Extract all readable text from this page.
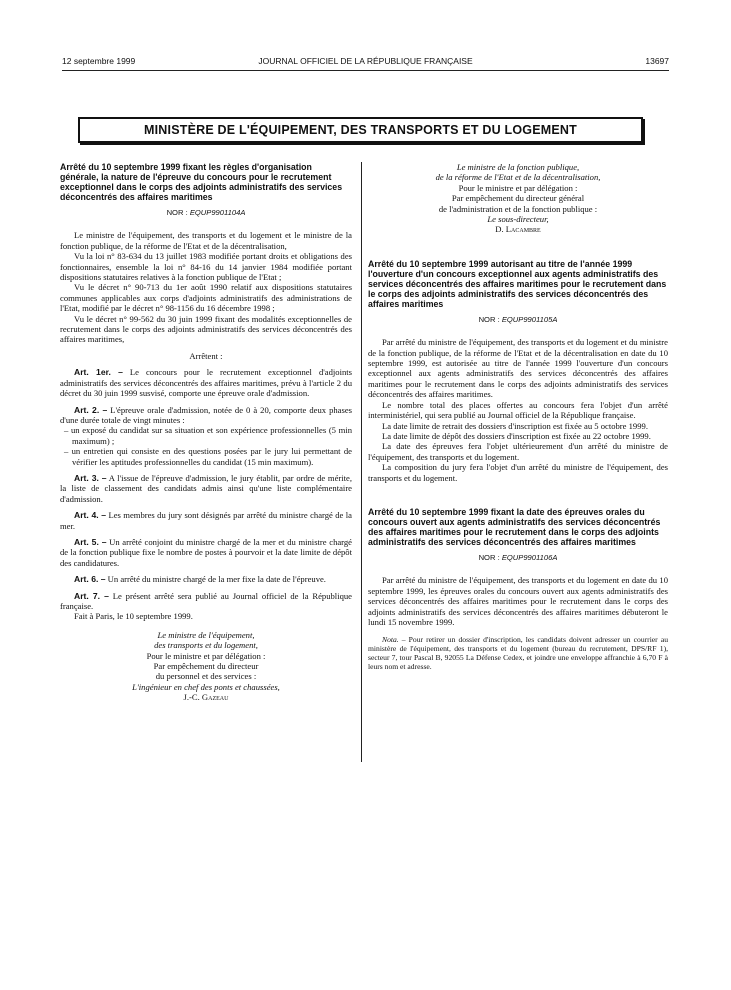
12 septembre 1999	JOURNAL OFFICIEL DE LA RÉPUBLIQUE FRANÇAISE	13697
MINISTÈRE DE L'ÉQUIPEMENT, DES TRANSPORTS ET DU LOGEMENT
Arrêté du 10 septembre 1999 fixant les règles d'organisation générale, la nature de l'épreuve du concours pour le recrutement exceptionnel dans le corps des adjoints administratifs des services déconcentrés des affaires maritimes
NOR : EQUP9901104A

Le ministre de l'équipement, des transports et du logement et le ministre de la fonction publique, de la réforme de l'Etat et de la décentralisation,

Vu la loi n° 83-634 du 13 juillet 1983 modifiée portant droits et obligations des fonctionnaires, ensemble la loi n° 84-16 du 14 janvier 1984 modifiée portant dispositions statutaires relatives à la fonction publique de l'Etat ;

Vu le décret n° 90-713 du 1er août 1990 relatif aux dispositions statutaires communes applicables aux corps d'adjoints administratifs des administrations de l'Etat, modifié par le décret n° 98-1156 du 16 décembre 1998 ;

Vu le décret n° 99-562 du 30 juin 1999 fixant des modalités exceptionnelles de recrutement dans le corps des adjoints administratifs des services déconcentrés des affaires maritimes,

Arrêtent :

Art. 1er. – Le concours pour le recrutement exceptionnel d'adjoints administratifs des services déconcentrés des affaires maritimes, prévu à l'article 2 du décret du 30 juin 1999 susvisé, comporte une épreuve orale d'admission.

Art. 2. – L'épreuve orale d'admission, notée de 0 à 20, comporte deux phases d'une durée totale de vingt minutes :

– un exposé du candidat sur sa situation et son expérience professionnelles (5 min maximum) ;
– un entretien qui consiste en des questions posées par le jury lui permettant de vérifier les aptitudes professionnelles du candidat (15 min maximum).

Art. 3. – A l'issue de l'épreuve d'admission, le jury établit, par ordre de mérite, la liste de classement des candidats admis ainsi qu'une liste complémentaire d'admission.

Art. 4. – Les membres du jury sont désignés par arrêté du ministre chargé de la mer.

Art. 5. – Un arrêté conjoint du ministre chargé de la mer et du ministre chargé de la fonction publique fixe le nombre de postes à pourvoir et la date limite de dépôt des candidatures.

Art. 6. – Un arrêté du ministre chargé de la mer fixe la date de l'épreuve.

Art. 7. – Le présent arrêté sera publié au Journal officiel de la République française.

Fait à Paris, le 10 septembre 1999.

Le ministre de l'équipement,
des transports et du logement,
Pour le ministre et par délégation :
Par empêchement du directeur
du personnel et des services :
L'ingénieur en chef des ponts et chaussées,
J.-C. Gazeau
Le ministre de la fonction publique,
de la réforme de l'Etat et de la décentralisation,
Pour le ministre et par délégation :
Par empêchement du directeur général
de l'administration et de la fonction publique :
Le sous-directeur,
D. Lacambre
Arrêté du 10 septembre 1999 autorisant au titre de l'année 1999 l'ouverture d'un concours exceptionnel aux agents administratifs des services déconcentrés des affaires maritimes pour le recrutement dans le corps des adjoints administratifs des services déconcentrés des affaires maritimes
NOR : EQUP9901105A

Par arrêté du ministre de l'équipement, des transports et du logement et du ministre de la fonction publique, de la réforme de l'Etat et de la décentralisation en date du 10 septembre 1999, est autorisée au titre de l'année 1999 l'ouverture d'un concours exceptionnel aux agents administratifs des services déconcentrés des affaires maritimes pour le recrutement dans le corps des adjoints administratifs des services déconcentrés des affaires maritimes.

Le nombre total des places offertes au concours fera l'objet d'un arrêté interministériel, qui sera publié au Journal officiel de la République française.

La date limite de retrait des dossiers d'inscription est fixée au 5 octobre 1999.

La date limite de dépôt des dossiers d'inscription est fixée au 22 octobre 1999.

La date des épreuves fera l'objet ultérieurement d'un arrêté du ministre de l'équipement, des transports et du logement.

La composition du jury fera l'objet d'un arrêté du ministre de l'équipement, des transports et du logement.

Arrêté du 10 septembre 1999 fixant la date des épreuves orales du concours ouvert aux agents administratifs des services déconcentrés des affaires maritimes pour le recrutement dans le corps des adjoints administratifs des services déconcentrés des affaires maritimes
NOR : EQUP9901106A

Par arrêté du ministre de l'équipement, des transports et du logement en date du 10 septembre 1999, les épreuves orales du concours ouvert aux agents administratifs des services déconcentrés des affaires maritimes pour le recrutement dans le corps des adjoints administratifs des services déconcentrés des affaires maritimes débuteront le lundi 15 novembre 1999.

Nota. – Pour retirer un dossier d'inscription, les candidats doivent adresser un courrier au ministère de l'équipement, des transports et du logement (bureau du recrutement, DPS/RF 1), secteur 7, tour Pascal B, 92055 La Défense Cedex, et joindre une enveloppe affranchie à 6,70 F à leurs nom et adresse.
